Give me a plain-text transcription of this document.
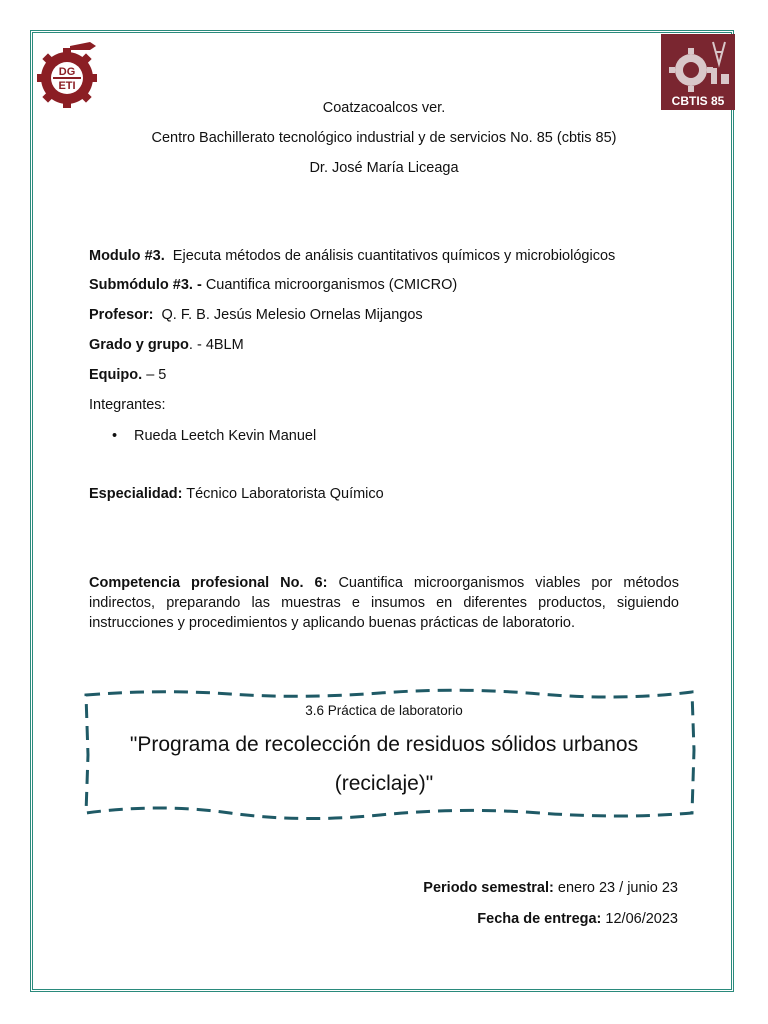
DG
ETI
CBTIS 85
Coatzacoalcos ver.
Centro Bachillerato tecnológico industrial y de servicios No. 85 (cbtis 85)
Dr. José María Liceaga
Modulo #3. Ejecuta métodos de análisis cuantitativos químicos y microbiológicos
Submódulo #3. - Cuantifica microorganismos (CMICRO)
Profesor: Q. F. B. Jesús Melesio Ornelas Mijangos
Grado y grupo. - 4BLM
Equipo. – 5
Integrantes:
• Rueda Leetch Kevin Manuel
Especialidad: Técnico Laboratorista Químico
Competencia profesional No. 6: Cuantifica microorganismos viables por métodos indirectos, preparando las muestras e insumos en diferentes productos, siguiendo instrucciones y procedimientos y aplicando buenas prácticas de laboratorio.
3.6 Práctica de laboratorio
"Programa de recolección de residuos sólidos urbanos
(reciclaje)"
Periodo semestral: enero 23 / junio 23
Fecha de entrega: 12/06/2023
